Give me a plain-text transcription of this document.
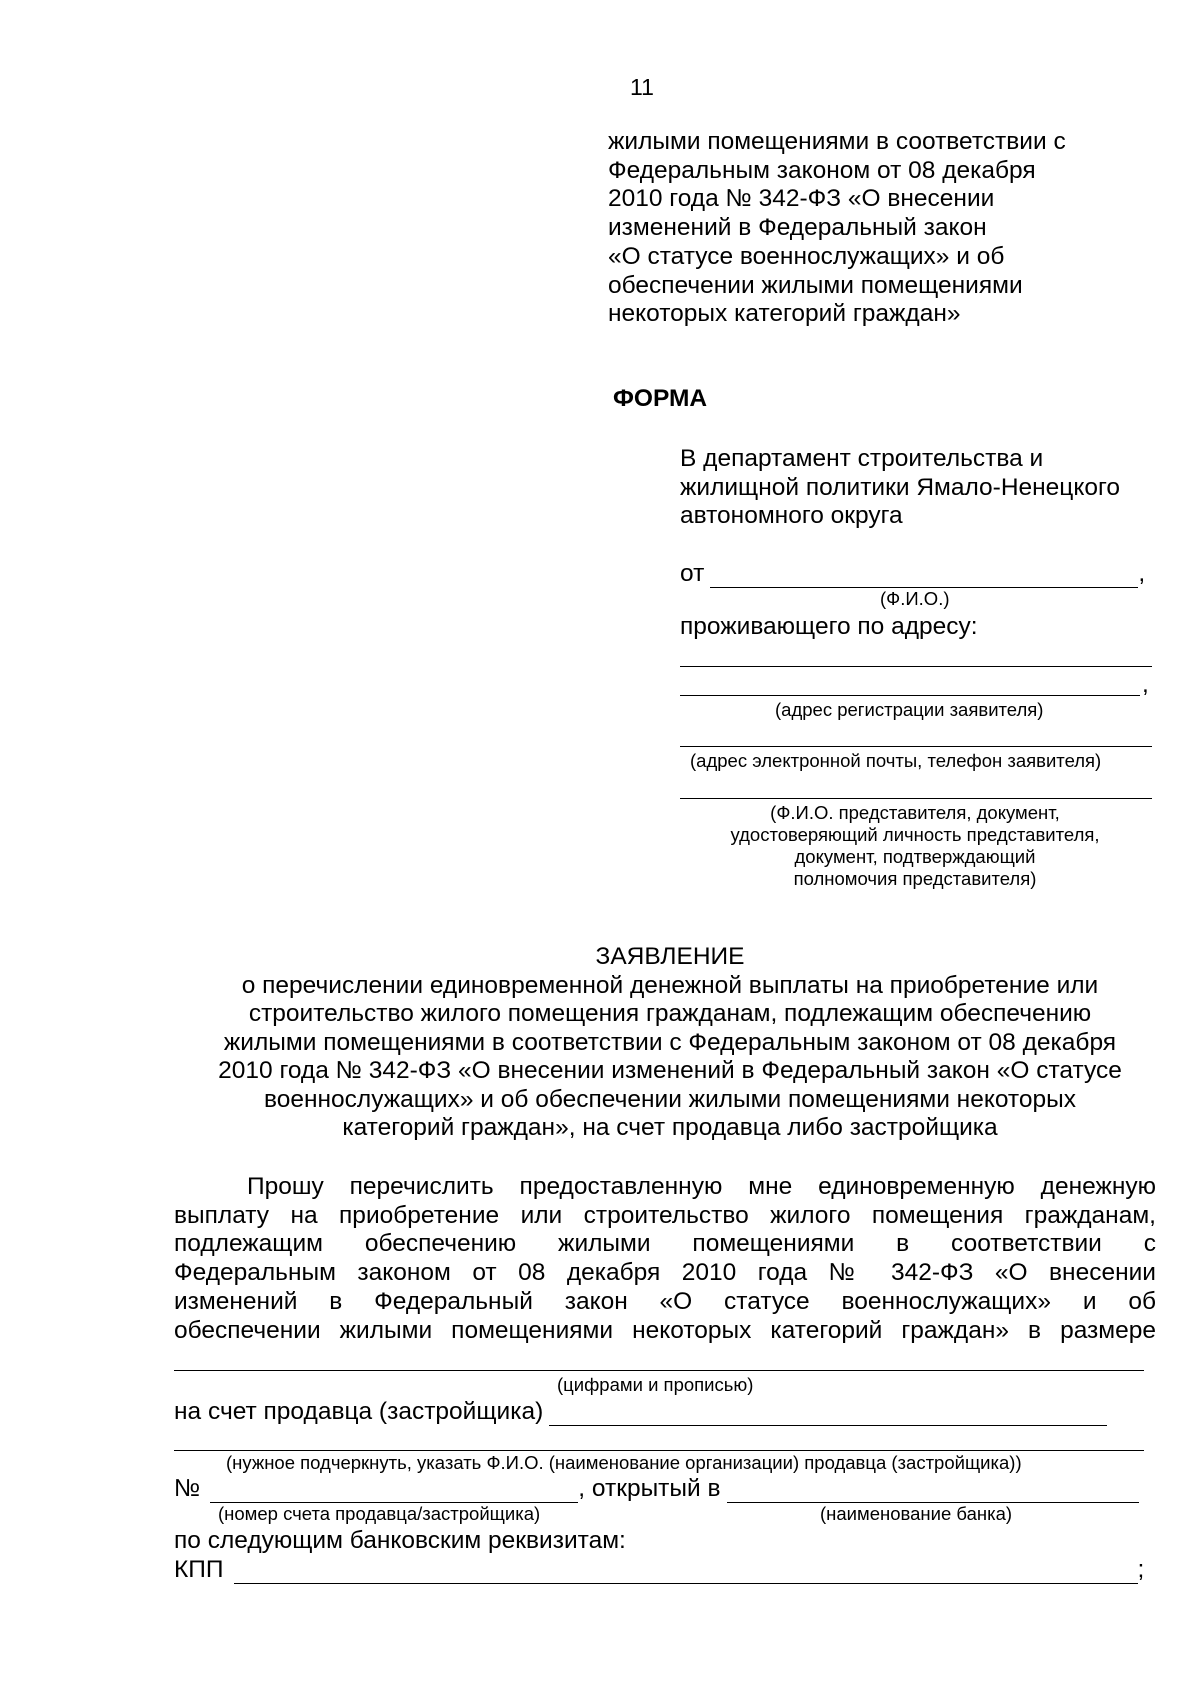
11
жилыми помещениями в соответствии с
Федеральным законом от 08 декабря
2010 года № 342-ФЗ «О внесении
изменений в Федеральный закон
«О статусе военнослужащих» и об
обеспечении жилыми помещениями
некоторых категорий граждан»
ФОРМА
В департамент строительства и
жилищной политики Ямало-Ненецкого
автономного округа
от	,
(Ф.И.О.)
проживающего по адресу:
,
(адрес регистрации заявителя)
(адрес электронной почты, телефон заявителя)
(Ф.И.О. представителя, документ,
удостоверяющий личность представителя,
документ, подтверждающий
полномочия представителя)
ЗАЯВЛЕНИЕ
о перечислении единовременной денежной выплаты на приобретение или
строительство жилого помещения гражданам, подлежащим обеспечению
жилыми помещениями в соответствии с Федеральным законом от 08 декабря
2010 года № 342-ФЗ «О внесении изменений в Федеральный закон «О статусе
военнослужащих» и об обеспечении жилыми помещениями некоторых
категорий граждан», на счет продавца либо застройщика
Прошу перечислить предоставленную мне единовременную денежную
выплату на приобретение или строительство жилого помещения гражданам,
подлежащим обеспечению жилыми помещениями в соответствии с
Федеральным законом от 08 декабря 2010 года № 342-ФЗ «О внесении
изменений в Федеральный закон «О статусе военнослужащих» и об
обеспечении жилыми помещениями некоторых категорий граждан» в размере
(цифрами и прописью)
на счет продавца (застройщика)
(нужное подчеркнуть, указать Ф.И.О. (наименование организации) продавца (застройщика))
№	, открытый в
(номер счета продавца/застройщика)	(наименование банка)
по следующим банковским реквизитам:
КПП	;
